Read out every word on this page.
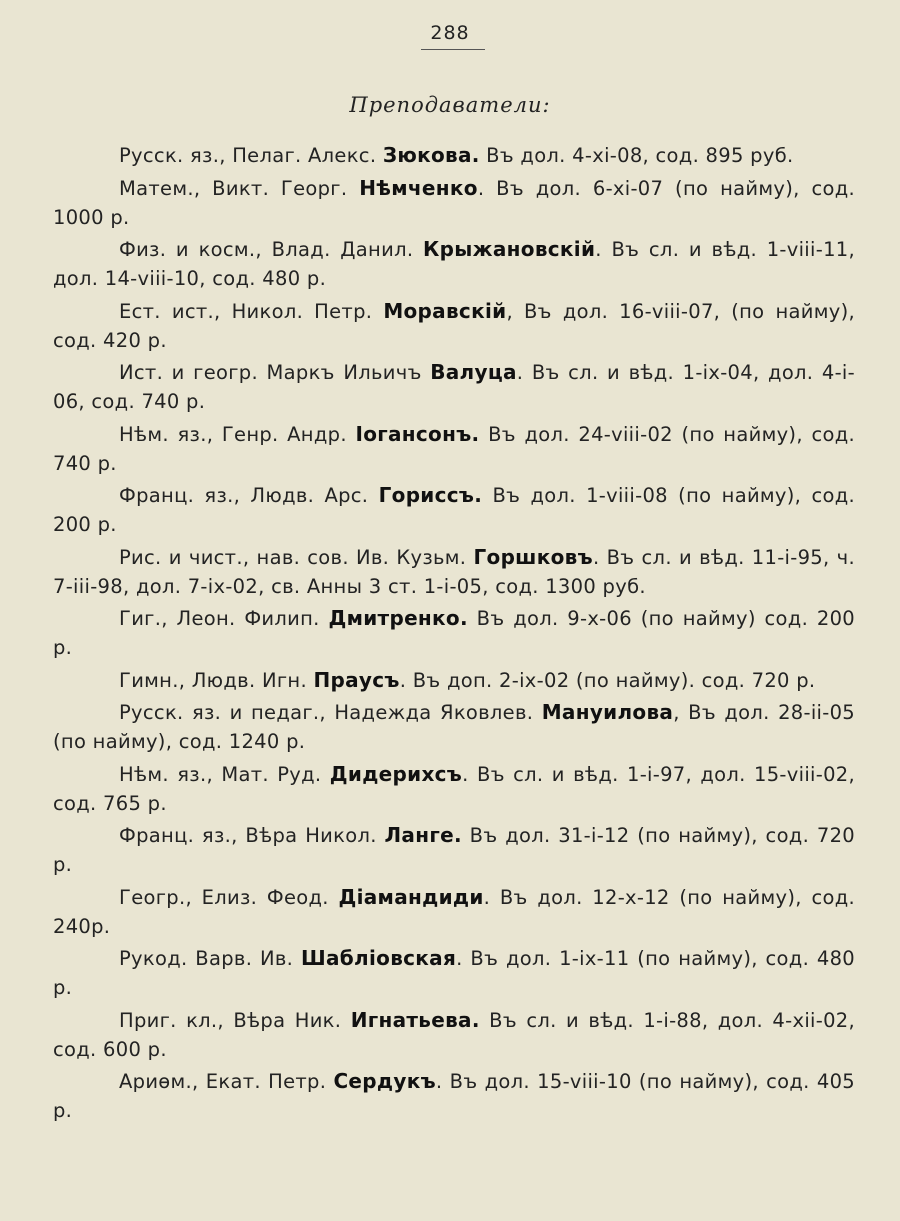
288
Преподаватели:
Русск. яз., Пелаг. Алекс. Зюкова. Въ дол. 4-xi-08, сод. 895 руб.
Матем., Викт. Георг. Нѣмченко. Въ дол. 6-xi-07 (по найму), сод. 1000 р.
Физ. и косм., Влад. Данил. Крыжановскiй. Въ сл. и вѣд. 1-viii-11, дол. 14-viii-10, сод. 480 р.
Ест. ист., Никол. Петр. Моравскiй, Въ дол. 16-viii-07, (по найму), сод. 420 р.
Ист. и геогр. Маркъ Ильичъ Валуца. Въ сл. и вѣд. 1-ix-04, дол. 4-i-06, сод. 740 р.
Нѣм. яз., Генр. Андр. Iогансонъ. Въ дол. 24-viii-02 (по найму), сод. 740 р.
Франц. яз., Людв. Арс. Гориссъ. Въ дол. 1-viii-08 (по найму), сод. 200 р.
Рис. и чист., нав. сов. Ив. Кузьм. Горшковъ. Въ сл. и вѣд. 11-i-95, ч. 7-iii-98, дол. 7-ix-02, св. Анны 3 ст. 1-i-05, сод. 1300 руб.
Гиг., Леон. Филип. Дмитренко. Въ дол. 9-x-06 (по найму) сод. 200 р.
Гимн., Людв. Игн. Праусъ. Въ доп. 2-ix-02 (по найму). сод. 720 р.
Русск. яз. и педаг., Надежда Яковлев. Мануилова, Въ дол. 28-ii-05 (по найму), сод. 1240 р.
Нѣм. яз., Мат. Руд. Дидерихсъ. Въ сл. и вѣд. 1-i-97, дол. 15-viii-02, сод. 765 р.
Франц. яз., Вѣра Никол. Ланге. Въ дол. 31-i-12 (по найму), сод. 720 р.
Геогр., Елиз. Феод. Дiамандиди. Въ дол. 12-x-12 (по найму), сод. 240р.
Рукод. Варв. Ив. Шаблiовская. Въ дол. 1-ix-11 (по найму), сод. 480 р.
Приг. кл., Вѣра Ник. Игнатьева. Въ сл. и вѣд. 1-i-88, дол. 4-xii-02, сод. 600 р.
Ариѳм., Екат. Петр. Сердукъ. Въ дол. 15-viii-10 (по найму), сод. 405 р.
